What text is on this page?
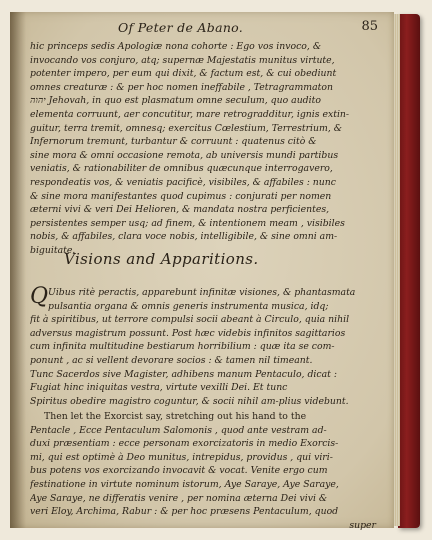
Of Peter de Abano.	85
hic princeps sedis Apologiæ nona cohorte : Ego vos invoco, &
invocando vos conjuro, atq; supernæ Majestatis munitus virtute,
potenter impero, per eum qui dixit, & factum est, & cui obediunt
omnes creaturæ : & per hoc nomen ineffabile , Tetragrammaton
יהוה Jehovah, in quo est plasmatum omne seculum, quo audito
elementa corruunt, aer concutitur, mare retrogradditur, ignis extin-
guitur, terra tremit, omnesq; exercitus Cœlestium, Terrestrium, &
Infernorum tremunt, turbantur & corruunt : quatenus citò &
sine mora & omni occasione remota, ab universis mundi partibus
veniatis, & rationabiliter de omnibus quæcunque interrogavero,
respondeatis vos, & veniatis pacificè, visibiles, & affabiles : nunc
& sine mora manifestantes quod cupimus : conjurati per nomen
æterni vivi & veri Dei Helioren, & mandata nostra perficientes,
persistentes semper usq; ad finem, & intentionem meam , visibiles
nobis, & affabiles, clara voce nobis, intelligibile, & sine omni am-
biguitate.
Visions and Apparitions.
Q Uibus ritè peractis, apparebunt infinitæ visiones, & phantasmata
pulsantia organa & omnis generis instrumenta musica, idq;
fit à spiritibus, ut terrore compulsi socii abeant à Circulo, quia nihil
adversus magistrum possunt. Post hæc videbis infinitos sagittarios
cum infinita multitudine bestiarum horribilium : quæ ita se com-
ponunt , ac si vellent devorare socios : & tamen nil timeant.
Tunc Sacerdos sive Magister, adhibens manum Pentaculo, dicat :
Fugiat hinc iniquitas vestra, virtute vexilli Dei. Et tunc
Spiritus obedire magistro coguntur, & socii nihil am-plius videbunt.
Then let the Exorcist say, stretching out his hand to the
Pentacle , Ecce Pentaculum Salomonis , quod ante vestram ad-
duxi præsentiam : ecce personam exorcizatoris in medio Exorcis-
mi, qui est optimè à Deo munitus, intrepidus, providus , qui viri-
bus potens vos exorcizando invocavit & vocat. Venite ergo cum
festinatione in virtute nominum istorum, Aye Saraye, Aye Saraye,
Aye Saraye, ne differatis venire , per nomina æterna Dei vivi &
veri Eloy, Archima, Rabur : & per hoc præsens Pentaculum, quod
super
